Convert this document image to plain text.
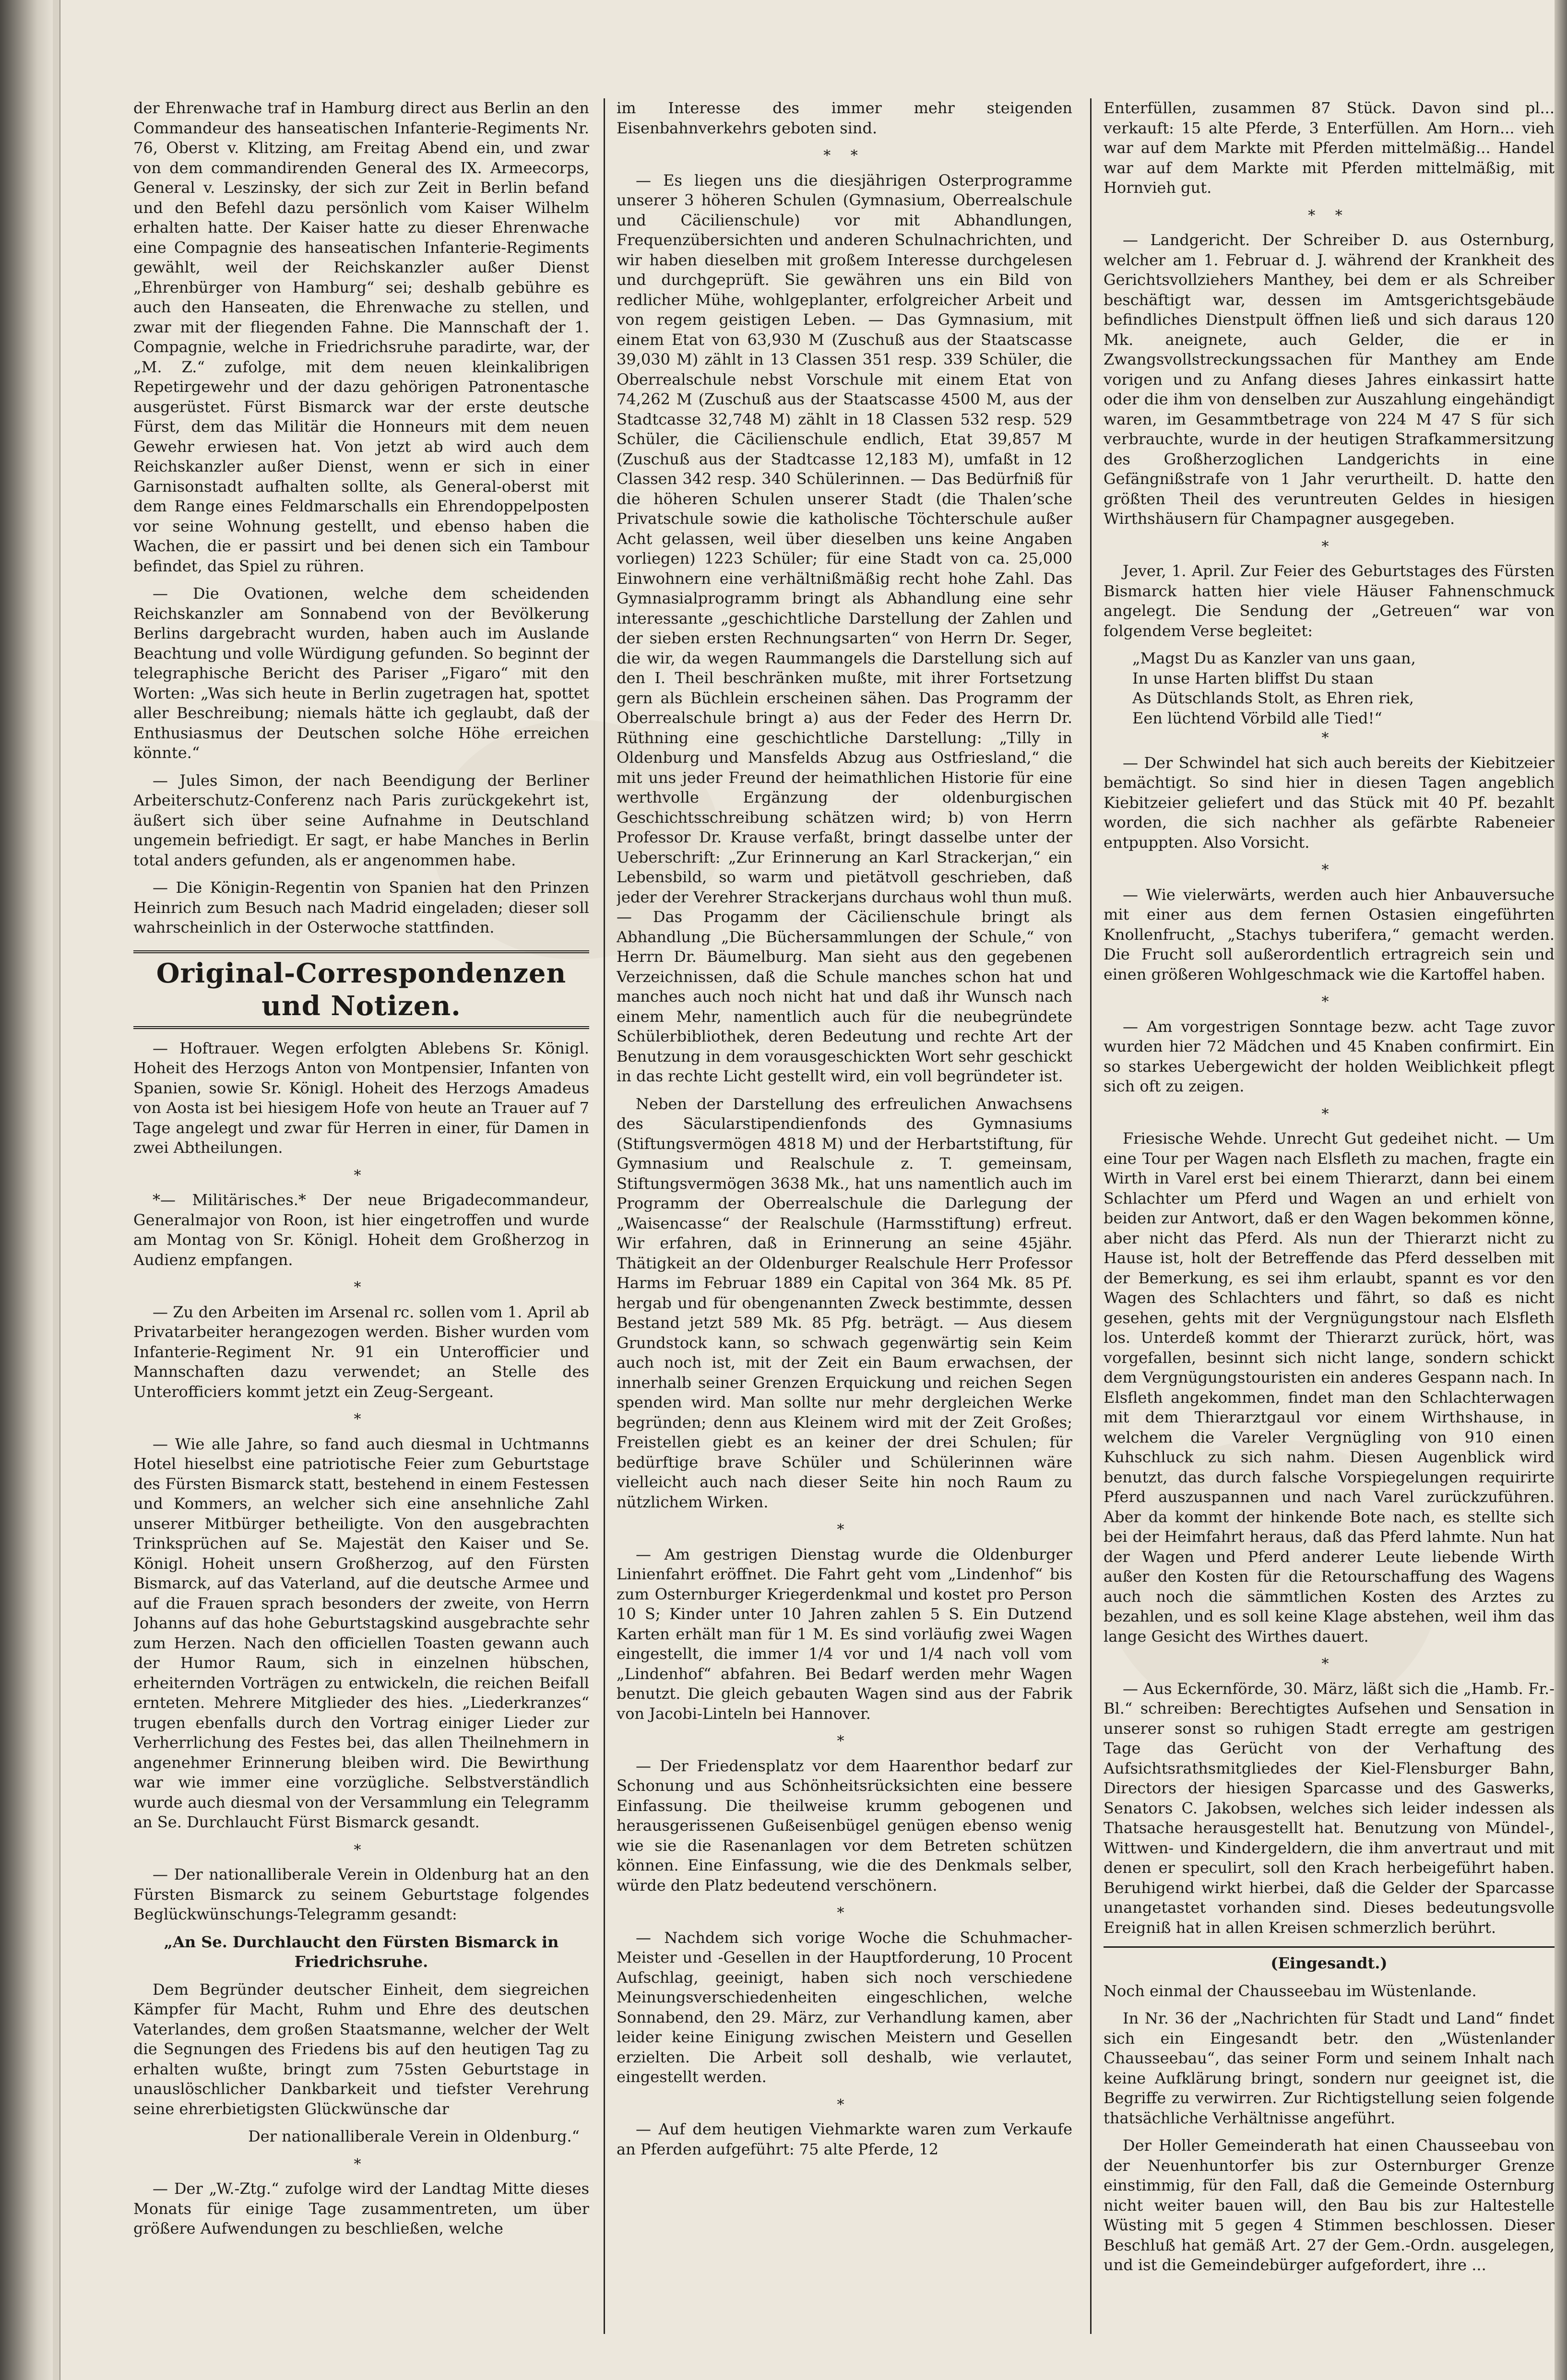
der Ehrenwache traf in Hamburg direct aus Berlin an den Commandeur des hanseatischen Infanterie-Regiments Nr. 76, Oberst v. Klitzing, am Freitag Abend ein, und zwar von dem commandirenden General des IX. Armeecorps, General v. Leszinsky, der sich zur Zeit in Berlin befand und den Befehl dazu persönlich vom Kaiser Wilhelm erhalten hatte. Der Kaiser hatte zu dieser Ehrenwache eine Compagnie des hanseatischen Infanterie-Regiments gewählt, weil der Reichskanzler außer Dienst „Ehrenbürger von Hamburg“ sei; deshalb gebühre es auch den Hanseaten, die Ehrenwache zu stellen, und zwar mit der fliegenden Fahne. Die Mannschaft der 1. Compagnie, welche in Friedrichsruhe paradirte, war, der „M. Z.“ zufolge, mit dem neuen kleinkalibrigen Repetirgewehr und der dazu gehörigen Patronentasche ausgerüstet. Fürst Bismarck war der erste deutsche Fürst, dem das Militär die Honneurs mit dem neuen Gewehr erwiesen hat. Von jetzt ab wird auch dem Reichskanzler außer Dienst, wenn er sich in einer Garnisonstadt aufhalten sollte, als General-oberst mit dem Range eines Feldmarschalls ein Ehrendoppelposten vor seine Wohnung gestellt, und ebenso haben die Wachen, die er passirt und bei denen sich ein Tambour befindet, das Spiel zu rühren.

— Die Ovationen, welche dem scheidenden Reichskanzler am Sonnabend von der Bevölkerung Berlins dargebracht wurden, haben auch im Auslande Beachtung und volle Würdigung gefunden. So beginnt der telegraphische Bericht des Pariser „Figaro“ mit den Worten: „Was sich heute in Berlin zugetragen hat, spottet aller Beschreibung; niemals hätte ich geglaubt, daß der Enthusiasmus der Deutschen solche Höhe erreichen könnte.“

— Jules Simon, der nach Beendigung der Berliner Arbeiterschutz-Conferenz nach Paris zurückgekehrt ist, äußert sich über seine Aufnahme in Deutschland ungemein befriedigt. Er sagt, er habe Manches in Berlin total anders gefunden, als er angenommen habe.

— Die Königin-Regentin von Spanien hat den Prinzen Heinrich zum Besuch nach Madrid eingeladen; dieser soll wahrscheinlich in der Osterwoche stattfinden.

Original-Correspondenzen und Notizen.

— Hoftrauer. Wegen erfolgten Ablebens Sr. Königl. Hoheit des Herzogs Anton von Montpensier, Infanten von Spanien, sowie Sr. Königl. Hoheit des Herzogs Amadeus von Aosta ist bei hiesigem Hofe von heute an Trauer auf 7 Tage angelegt und zwar für Herren in einer, für Damen in zwei Abtheilungen.

*

*— Militärisches.* Der neue Brigadecommandeur, Generalmajor von Roon, ist hier eingetroffen und wurde am Montag von Sr. Königl. Hoheit dem Großherzog in Audienz empfangen.

*

— Zu den Arbeiten im Arsenal rc. sollen vom 1. April ab Privatarbeiter herangezogen werden. Bisher wurden vom Infanterie-Regiment Nr. 91 ein Unterofficier und Mannschaften dazu verwendet; an Stelle des Unterofficiers kommt jetzt ein Zeug-Sergeant.

*

— Wie alle Jahre, so fand auch diesmal in Uchtmanns Hotel hieselbst eine patriotische Feier zum Geburtstage des Fürsten Bismarck statt, bestehend in einem Festessen und Kommers, an welcher sich eine ansehnliche Zahl unserer Mitbürger betheiligte. Von den ausgebrachten Trinksprüchen auf Se. Majestät den Kaiser und Se. Königl. Hoheit unsern Großherzog, auf den Fürsten Bismarck, auf das Vaterland, auf die deutsche Armee und auf die Frauen sprach besonders der zweite, von Herrn Johanns auf das hohe Geburtstagskind ausgebrachte sehr zum Herzen. Nach den officiellen Toasten gewann auch der Humor Raum, sich in einzelnen hübschen, erheiternden Vorträgen zu entwickeln, die reichen Beifall ernteten. Mehrere Mitglieder des hies. „Liederkranzes“ trugen ebenfalls durch den Vortrag einiger Lieder zur Verherrlichung des Festes bei, das allen Theilnehmern in angenehmer Erinnerung bleiben wird. Die Bewirthung war wie immer eine vorzügliche. Selbstverständlich wurde auch diesmal von der Versammlung ein Telegramm an Se. Durchlaucht Fürst Bismarck gesandt.

*

— Der nationalliberale Verein in Oldenburg hat an den Fürsten Bismarck zu seinem Geburtstage folgendes Beglückwünschungs-Telegramm gesandt:

„An Se. Durchlaucht den Fürsten Bismarck in Friedrichsruhe.

Dem Begründer deutscher Einheit, dem siegreichen Kämpfer für Macht, Ruhm und Ehre des deutschen Vaterlandes, dem großen Staatsmanne, welcher der Welt die Segnungen des Friedens bis auf den heutigen Tag zu erhalten wußte, bringt zum 75sten Geburtstage in unauslöschlicher Dankbarkeit und tiefster Verehrung seine ehrerbietigsten Glückwünsche dar

Der nationalliberale Verein in Oldenburg.“

*

— Der „W.-Ztg.“ zufolge wird der Landtag Mitte dieses Monats für einige Tage zusammentreten, um über größere Aufwendungen zu beschließen, welche

im Interesse des immer mehr steigenden Eisenbahnverkehrs geboten sind.

* *

— Es liegen uns die diesjährigen Osterprogramme unserer 3 höheren Schulen (Gymnasium, Oberrealschule und Cäcilienschule) vor mit Abhandlungen, Frequenzübersichten und anderen Schulnachrichten, und wir haben dieselben mit großem Interesse durchgelesen und durchgeprüft. Sie gewähren uns ein Bild von redlicher Mühe, wohlgeplanter, erfolgreicher Arbeit und von regem geistigen Leben. — Das Gymnasium, mit einem Etat von 63,930 M (Zuschuß aus der Staatscasse 39,030 M) zählt in 13 Classen 351 resp. 339 Schüler, die Oberrealschule nebst Vorschule mit einem Etat von 74,262 M (Zuschuß aus der Staatscasse 4500 M, aus der Stadtcasse 32,748 M) zählt in 18 Classen 532 resp. 529 Schüler, die Cäcilienschule endlich, Etat 39,857 M (Zuschuß aus der Stadtcasse 12,183 M), umfaßt in 12 Classen 342 resp. 340 Schülerinnen. — Das Bedürfniß für die höheren Schulen unserer Stadt (die Thalen’sche Privatschule sowie die katholische Töchterschule außer Acht gelassen, weil über dieselben uns keine Angaben vorliegen) 1223 Schüler; für eine Stadt von ca. 25,000 Einwohnern eine verhältnißmäßig recht hohe Zahl. Das Gymnasialprogramm bringt als Abhandlung eine sehr interessante „geschichtliche Darstellung der Zahlen und der sieben ersten Rechnungsarten“ von Herrn Dr. Seger, die wir, da wegen Raummangels die Darstellung sich auf den I. Theil beschränken mußte, mit ihrer Fortsetzung gern als Büchlein erscheinen sähen. Das Programm der Oberrealschule bringt a) aus der Feder des Herrn Dr. Rüthning eine geschichtliche Darstellung: „Tilly in Oldenburg und Mansfelds Abzug aus Ostfriesland,“ die mit uns jeder Freund der heimathlichen Historie für eine werthvolle Ergänzung der oldenburgischen Geschichtsschreibung schätzen wird; b) von Herrn Professor Dr. Krause verfaßt, bringt dasselbe unter der Ueberschrift: „Zur Erinnerung an Karl Strackerjan,“ ein Lebensbild, so warm und pietätvoll geschrieben, daß jeder der Verehrer Strackerjans durchaus wohl thun muß. — Das Progamm der Cäcilienschule bringt als Abhandlung „Die Büchersammlungen der Schule,“ von Herrn Dr. Bäumelburg. Man sieht aus den gegebenen Verzeichnissen, daß die Schule manches schon hat und manches auch noch nicht hat und daß ihr Wunsch nach einem Mehr, namentlich auch für die neubegründete Schülerbibliothek, deren Bedeutung und rechte Art der Benutzung in dem vorausgeschickten Wort sehr geschickt in das rechte Licht gestellt wird, ein voll begründeter ist.

Neben der Darstellung des erfreulichen Anwachsens des Säcularstipendienfonds des Gymnasiums (Stiftungsvermögen 4818 M) und der Herbartstiftung, für Gymnasium und Realschule z. T. gemeinsam, Stiftungsvermögen 3638 Mk., hat uns namentlich auch im Programm der Oberrealschule die Darlegung der „Waisencasse“ der Realschule (Harmsstiftung) erfreut. Wir erfahren, daß in Erinnerung an seine 45jähr. Thätigkeit an der Oldenburger Realschule Herr Professor Harms im Februar 1889 ein Capital von 364 Mk. 85 Pf. hergab und für obengenannten Zweck bestimmte, dessen Bestand jetzt 589 Mk. 85 Pfg. beträgt. — Aus diesem Grundstock kann, so schwach gegenwärtig sein Keim auch noch ist, mit der Zeit ein Baum erwachsen, der innerhalb seiner Grenzen Erquickung und reichen Segen spenden wird. Man sollte nur mehr dergleichen Werke begründen; denn aus Kleinem wird mit der Zeit Großes; Freistellen giebt es an keiner der drei Schulen; für bedürftige brave Schüler und Schülerinnen wäre vielleicht auch nach dieser Seite hin noch Raum zu nützlichem Wirken.

*

— Am gestrigen Dienstag wurde die Oldenburger Linienfahrt eröffnet. Die Fahrt geht vom „Lindenhof“ bis zum Osternburger Kriegerdenkmal und kostet pro Person 10 S; Kinder unter 10 Jahren zahlen 5 S. Ein Dutzend Karten erhält man für 1 M. Es sind vorläufig zwei Wagen eingestellt, die immer 1/4 vor und 1/4 nach voll vom „Lindenhof“ abfahren. Bei Bedarf werden mehr Wagen benutzt. Die gleich gebauten Wagen sind aus der Fabrik von Jacobi-Linteln bei Hannover.

*

— Der Friedensplatz vor dem Haarenthor bedarf zur Schonung und aus Schönheitsrücksichten eine bessere Einfassung. Die theilweise krumm gebogenen und herausgerissenen Gußeisenbügel genügen ebenso wenig wie sie die Rasenanlagen vor dem Betreten schützen können. Eine Einfassung, wie die des Denkmals selber, würde den Platz bedeutend verschönern.

*

— Nachdem sich vorige Woche die Schuhmacher-Meister und -Gesellen in der Hauptforderung, 10 Procent Aufschlag, geeinigt, haben sich noch verschiedene Meinungsverschiedenheiten eingeschlichen, welche Sonnabend, den 29. März, zur Verhandlung kamen, aber leider keine Einigung zwischen Meistern und Gesellen erzielten. Die Arbeit soll deshalb, wie verlautet, eingestellt werden.

*

— Auf dem heutigen Viehmarkte waren zum Verkaufe an Pferden aufgeführt: 75 alte Pferde, 12

Enterfüllen, zusammen 87 Stück. Davon sind pl... verkauft: 15 alte Pferde, 3 Enterfüllen. Am Horn... vieh war auf dem Markte mit Pferden mittelmäßig... Handel war auf dem Markte mit Pferden mittelmäßig, mit Hornvieh gut.

* *

— Landgericht. Der Schreiber D. aus Osternburg, welcher am 1. Februar d. J. während der Krankheit des Gerichtsvollziehers Manthey, bei dem er als Schreiber beschäftigt war, dessen im Amtsgerichtsgebäude befindliches Dienstpult öffnen ließ und sich daraus 120 Mk. aneignete, auch Gelder, die er in Zwangsvollstreckungssachen für Manthey am Ende vorigen und zu Anfang dieses Jahres einkassirt hatte oder die ihm von denselben zur Auszahlung eingehändigt waren, im Gesammtbetrage von 224 M 47 S für sich verbrauchte, wurde in der heutigen Strafkammersitzung des Großherzoglichen Landgerichts in eine Gefängnißstrafe von 1 Jahr verurtheilt. D. hatte den größten Theil des veruntreuten Geldes in hiesigen Wirthshäusern für Champagner ausgegeben.

*

Jever, 1. April. Zur Feier des Geburtstages des Fürsten Bismarck hatten hier viele Häuser Fahnenschmuck angelegt. Die Sendung der „Getreuen“ war von folgendem Verse begleitet:

„Magst Du as Kanzler van uns gaan,

In unse Harten bliffst Du staan

As Dütschlands Stolt, as Ehren riek,

Een lüchtend Vörbild alle Tied!“

*

— Der Schwindel hat sich auch bereits der Kiebitzeier bemächtigt. So sind hier in diesen Tagen angeblich Kiebitzeier geliefert und das Stück mit 40 Pf. bezahlt worden, die sich nachher als gefärbte Rabeneier entpuppten. Also Vorsicht.

*

— Wie vielerwärts, werden auch hier Anbauversuche mit einer aus dem fernen Ostasien eingeführten Knollenfrucht, „Stachys tuberifera,“ gemacht werden. Die Frucht soll außerordentlich ertragreich sein und einen größeren Wohlgeschmack wie die Kartoffel haben.

*

— Am vorgestrigen Sonntage bezw. acht Tage zuvor wurden hier 72 Mädchen und 45 Knaben confirmirt. Ein so starkes Uebergewicht der holden Weiblichkeit pflegt sich oft zu zeigen.

*

Friesische Wehde. Unrecht Gut gedeihet nicht. — Um eine Tour per Wagen nach Elsfleth zu machen, fragte ein Wirth in Varel erst bei einem Thierarzt, dann bei einem Schlachter um Pferd und Wagen an und erhielt von beiden zur Antwort, daß er den Wagen bekommen könne, aber nicht das Pferd. Als nun der Thierarzt nicht zu Hause ist, holt der Betreffende das Pferd desselben mit der Bemerkung, es sei ihm erlaubt, spannt es vor den Wagen des Schlachters und fährt, so daß es nicht gesehen, gehts mit der Vergnügungstour nach Elsfleth los. Unterdeß kommt der Thierarzt zurück, hört, was vorgefallen, besinnt sich nicht lange, sondern schickt dem Vergnügungstouristen ein anderes Gespann nach. In Elsfleth angekommen, findet man den Schlachterwagen mit dem Thierarztgaul vor einem Wirthshause, in welchem die Vareler Vergnügling von 910 einen Kuhschluck zu sich nahm. Diesen Augenblick wird benutzt, das durch falsche Vorspiegelungen requirirte Pferd auszuspannen und nach Varel zurückzuführen. Aber da kommt der hinkende Bote nach, es stellte sich bei der Heimfahrt heraus, daß das Pferd lahmte. Nun hat der Wagen und Pferd anderer Leute liebende Wirth außer den Kosten für die Retourschaffung des Wagens auch noch die sämmtlichen Kosten des Arztes zu bezahlen, und es soll keine Klage abstehen, weil ihm das lange Gesicht des Wirthes dauert.

*

— Aus Eckernförde, 30. März, läßt sich die „Hamb. Fr.-Bl.“ schreiben: Berechtigtes Aufsehen und Sensation in unserer sonst so ruhigen Stadt erregte am gestrigen Tage das Gerücht von der Verhaftung des Aufsichtsrathsmitgliedes der Kiel-Flensburger Bahn, Directors der hiesigen Sparcasse und des Gaswerks, Senators C. Jakobsen, welches sich leider indessen als Thatsache herausgestellt hat. Benutzung von Mündel-, Wittwen- und Kindergeldern, die ihm anvertraut und mit denen er speculirt, soll den Krach herbeigeführt haben. Beruhigend wirkt hierbei, daß die Gelder der Sparcasse unangetastet vorhanden sind. Dieses bedeutungsvolle Ereigniß hat in allen Kreisen schmerzlich berührt.

(Eingesandt.)

Noch einmal der Chausseebau im Wüstenlande.

In Nr. 36 der „Nachrichten für Stadt und Land“ findet sich ein Eingesandt betr. den „Wüstenlander Chausseebau“, das seiner Form und seinem Inhalt nach keine Aufklärung bringt, sondern nur geeignet ist, die Begriffe zu verwirren. Zur Richtigstellung seien folgende thatsächliche Verhältnisse angeführt.

Der Holler Gemeinderath hat einen Chausseebau von der Neuenhuntorfer bis zur Osternburger Grenze einstimmig, für den Fall, daß die Gemeinde Osternburg nicht weiter bauen will, den Bau bis zur Haltestelle Wüsting mit 5 gegen 4 Stimmen beschlossen. Dieser Beschluß hat gemäß Art. 27 der Gem.-Ordn. ausgelegen, und ist die Gemeindebürger aufgefordert, ihre ...
